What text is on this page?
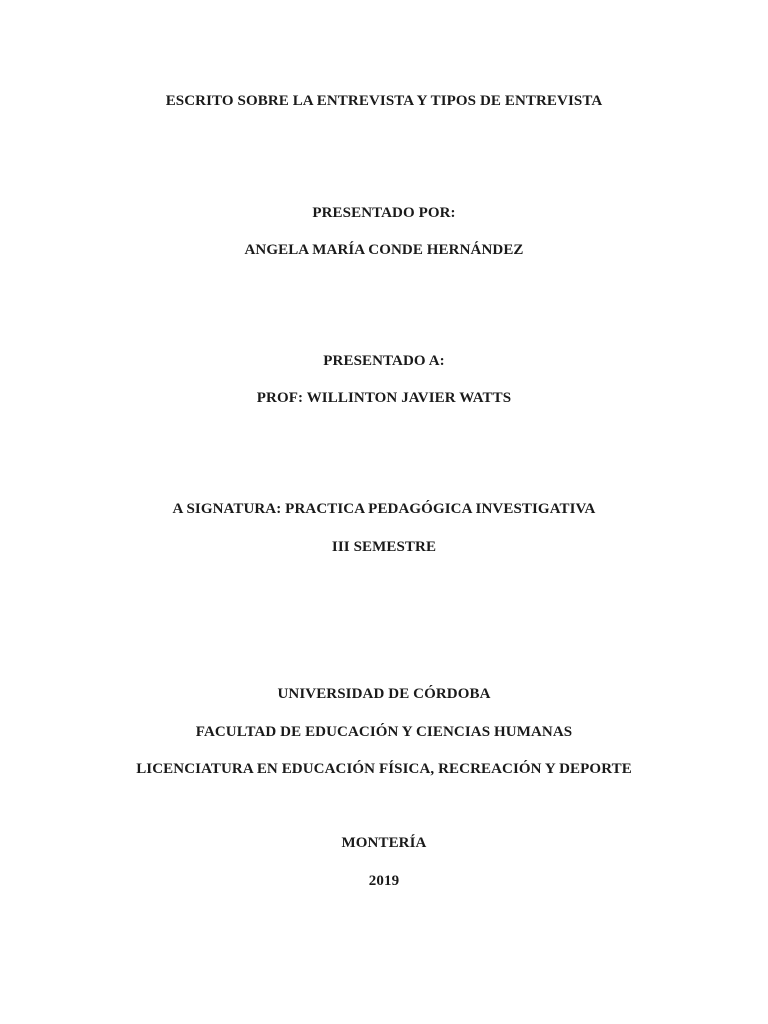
ESCRITO SOBRE LA ENTREVISTA Y TIPOS DE ENTREVISTA
PRESENTADO POR:
ANGELA MARÍA CONDE HERNÁNDEZ
PRESENTADO A:
PROF: WILLINTON JAVIER WATTS
A SIGNATURA: PRACTICA PEDAGÓGICA INVESTIGATIVA
III SEMESTRE
UNIVERSIDAD DE CÓRDOBA
FACULTAD DE EDUCACIÓN Y CIENCIAS HUMANAS
LICENCIATURA EN EDUCACIÓN FÍSICA, RECREACIÓN Y DEPORTE
MONTERÍA
2019
